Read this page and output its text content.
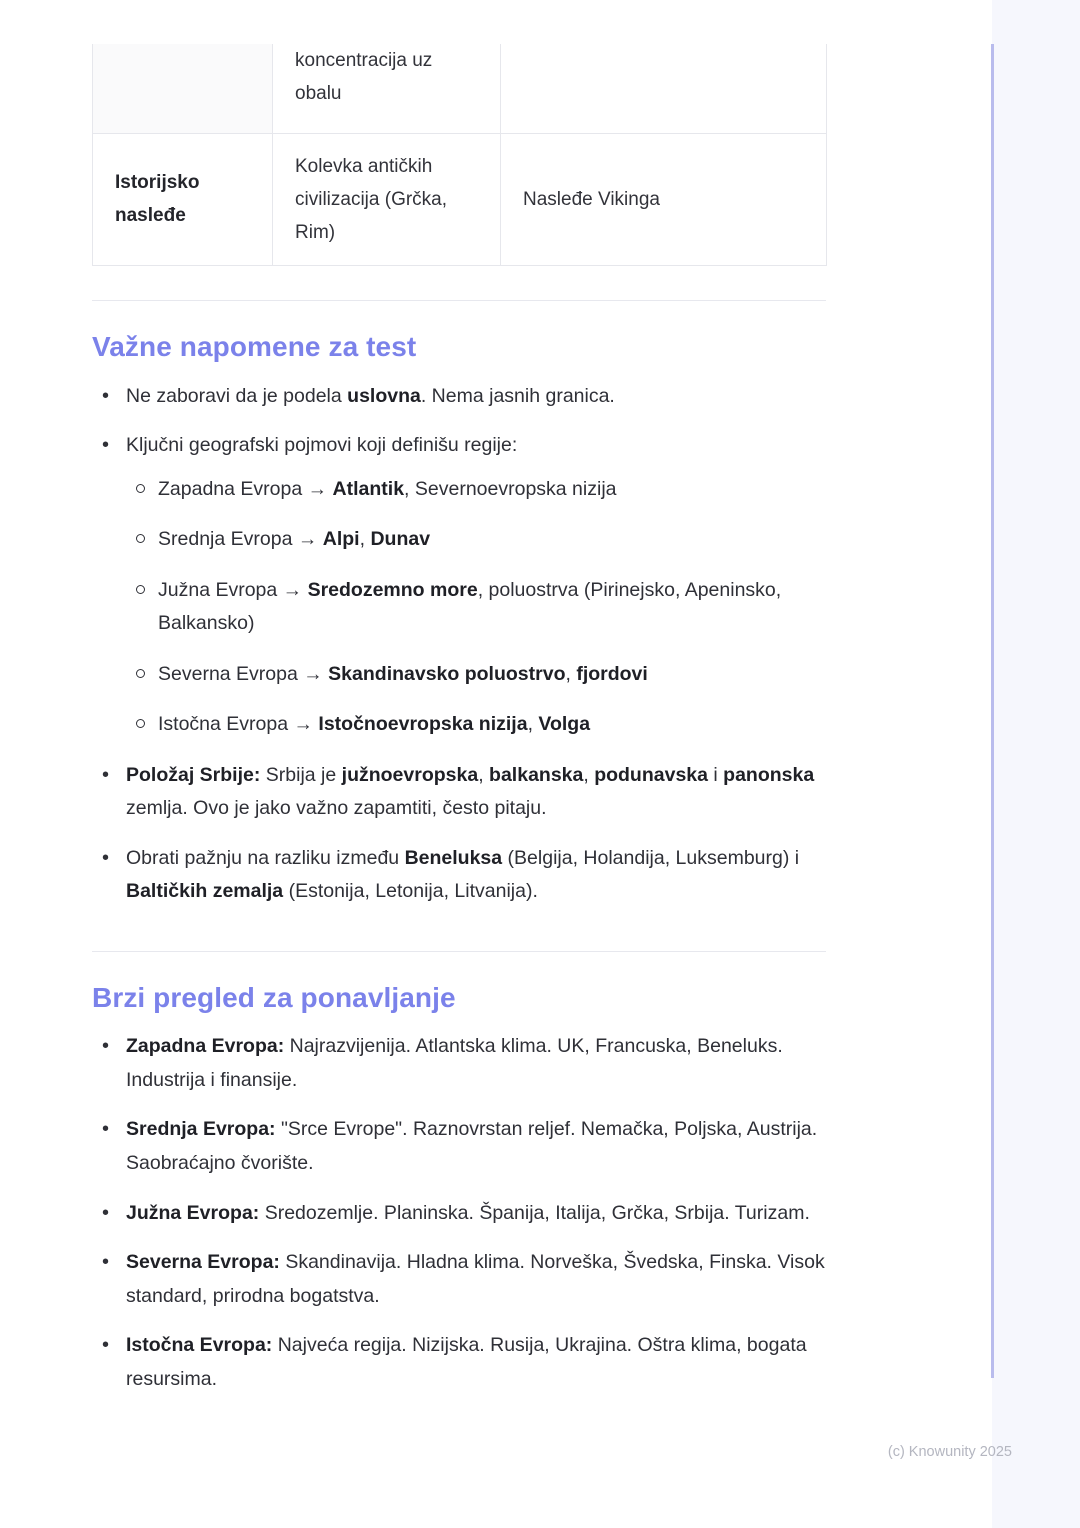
	koncentracija uz obalu	
Istorijsko nasleđe	Kolevka antičkih civilizacija (Grčka, Rim)	Nasleđe Vikinga
Važne napomene za test
• Ne zaboravi da je podela uslovna. Nema jasnih granica.
• Ključni geografski pojmovi koji definišu regije:
Zapadna Evropa → Atlantik, Severnoevropska nizija
Srednja Evropa → Alpi, Dunav
Južna Evropa → Sredozemno more, poluostrva (Pirinejsko, Apeninsko, Balkansko)
Severna Evropa → Skandinavsko poluostrvo, fjordovi
Istočna Evropa → Istočnoevropska nizija, Volga
• Položaj Srbije: Srbija je južnoevropska, balkanska, podunavska i panonska zemlja. Ovo je jako važno zapamtiti, često pitaju.
• Obrati pažnju na razliku između Beneluksa (Belgija, Holandija, Luksemburg) i Baltičkih zemalja (Estonija, Letonija, Litvanija).
Brzi pregled za ponavljanje
• Zapadna Evropa: Najrazvijenija. Atlantska klima. UK, Francuska, Beneluks. Industrija i finansije.
• Srednja Evropa: "Srce Evrope". Raznovrstan reljef. Nemačka, Poljska, Austrija. Saobraćajno čvorište.
• Južna Evropa: Sredozemlje. Planinska. Španija, Italija, Grčka, Srbija. Turizam.
• Severna Evropa: Skandinavija. Hladna klima. Norveška, Švedska, Finska. Visok standard, prirodna bogatstva.
• Istočna Evropa: Najveća regija. Nizijska. Rusija, Ukrajina. Oštra klima, bogata resursima.
(c) Knowunity 2025
